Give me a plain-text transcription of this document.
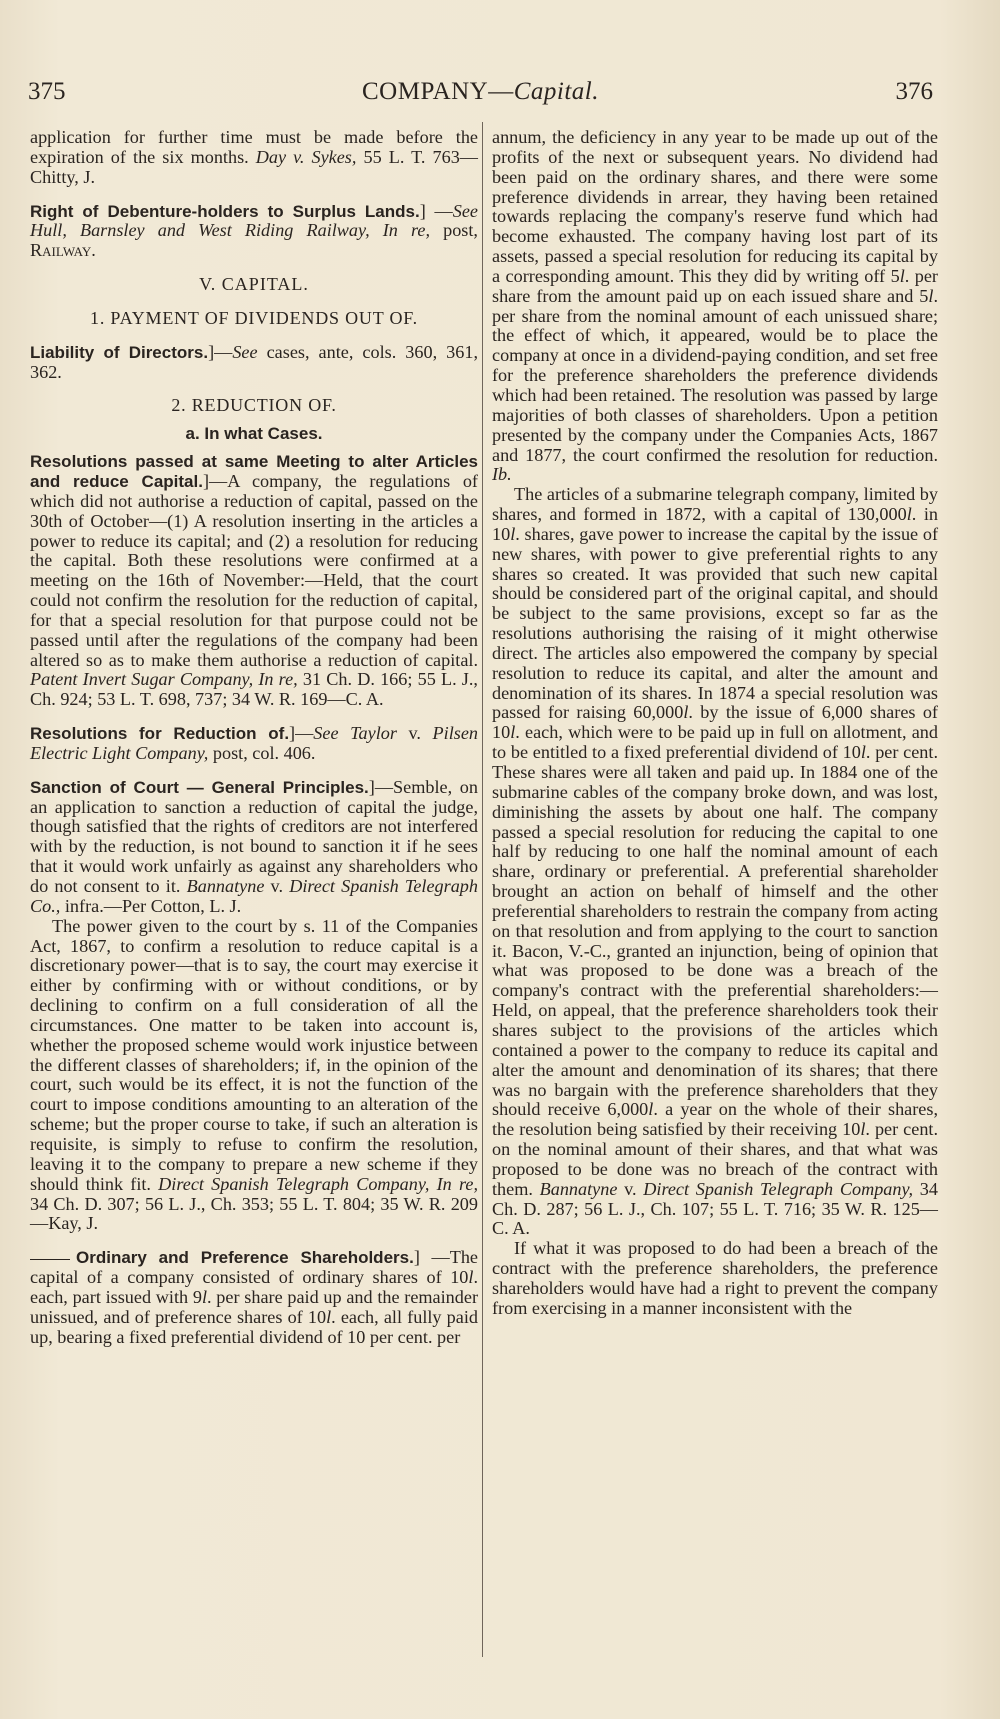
375	COMPANY—Capital.	376

application for further time must be made before the expiration of the six months. Day v. Sykes, 55 L. T. 763—Chitty, J.

Right of Debenture-holders to Surplus Lands.] —See Hull, Barnsley and West Riding Railway, In re, post, Railway.

V. CAPITAL.

1. PAYMENT OF DIVIDENDS OUT OF.

Liability of Directors.]—See cases, ante, cols. 360, 361, 362.

2. REDUCTION OF.

a. In what Cases.

Resolutions passed at same Meeting to alter Articles and reduce Capital.]—A company, the regulations of which did not authorise a reduction of capital, passed on the 30th of October—(1) A resolution inserting in the articles a power to reduce its capital; and (2) a resolution for reducing the capital. Both these resolutions were confirmed at a meeting on the 16th of November:—Held, that the court could not confirm the resolution for the reduction of capital, for that a special resolution for that purpose could not be passed until after the regulations of the company had been altered so as to make them authorise a reduction of capital. Patent Invert Sugar Company, In re, 31 Ch. D. 166; 55 L. J., Ch. 924; 53 L. T. 698, 737; 34 W. R. 169—C. A.

Resolutions for Reduction of.]—See Taylor v. Pilsen Electric Light Company, post, col. 406.

Sanction of Court — General Principles.]—Semble, on an application to sanction a reduction of capital the judge, though satisfied that the rights of creditors are not interfered with by the reduction, is not bound to sanction it if he sees that it would work unfairly as against any shareholders who do not consent to it. Bannatyne v. Direct Spanish Telegraph Co., infra.—Per Cotton, L. J.

The power given to the court by s. 11 of the Companies Act, 1867, to confirm a resolution to reduce capital is a discretionary power—that is to say, the court may exercise it either by confirming with or without conditions, or by declining to confirm on a full consideration of all the circumstances. One matter to be taken into account is, whether the proposed scheme would work injustice between the different classes of shareholders; if, in the opinion of the court, such would be its effect, it is not the function of the court to impose conditions amounting to an alteration of the scheme; but the proper course to take, if such an alteration is requisite, is simply to refuse to confirm the resolution, leaving it to the company to prepare a new scheme if they should think fit. Direct Spanish Telegraph Company, In re, 34 Ch. D. 307; 56 L. J., Ch. 353; 55 L. T. 804; 35 W. R. 209—Kay, J.

Ordinary and Preference Shareholders.] —The capital of a company consisted of ordinary shares of 10l. each, part issued with 9l. per share paid up and the remainder unissued, and of preference shares of 10l. each, all fully paid up, bearing a fixed preferential dividend of 10 per cent. per

annum, the deficiency in any year to be made up out of the profits of the next or subsequent years. No dividend had been paid on the ordinary shares, and there were some preference dividends in arrear, they having been retained towards replacing the company's reserve fund which had become exhausted. The company having lost part of its assets, passed a special resolution for reducing its capital by a corresponding amount. This they did by writing off 5l. per share from the amount paid up on each issued share and 5l. per share from the nominal amount of each unissued share; the effect of which, it appeared, would be to place the company at once in a dividend-paying condition, and set free for the preference shareholders the preference dividends which had been retained. The resolution was passed by large majorities of both classes of shareholders. Upon a petition presented by the company under the Companies Acts, 1867 and 1877, the court confirmed the resolution for reduction. Ib.

The articles of a submarine telegraph company, limited by shares, and formed in 1872, with a capital of 130,000l. in 10l. shares, gave power to increase the capital by the issue of new shares, with power to give preferential rights to any shares so created. It was provided that such new capital should be considered part of the original capital, and should be subject to the same provisions, except so far as the resolutions authorising the raising of it might otherwise direct. The articles also empowered the company by special resolution to reduce its capital, and alter the amount and denomination of its shares. In 1874 a special resolution was passed for raising 60,000l. by the issue of 6,000 shares of 10l. each, which were to be paid up in full on allotment, and to be entitled to a fixed preferential dividend of 10l. per cent. These shares were all taken and paid up. In 1884 one of the submarine cables of the company broke down, and was lost, diminishing the assets by about one half. The company passed a special resolution for reducing the capital to one half by reducing to one half the nominal amount of each share, ordinary or preferential. A preferential shareholder brought an action on behalf of himself and the other preferential shareholders to restrain the company from acting on that resolution and from applying to the court to sanction it. Bacon, V.-C., granted an injunction, being of opinion that what was proposed to be done was a breach of the company's contract with the preferential shareholders:—Held, on appeal, that the preference shareholders took their shares subject to the provisions of the articles which contained a power to the company to reduce its capital and alter the amount and denomination of its shares; that there was no bargain with the preference shareholders that they should receive 6,000l. a year on the whole of their shares, the resolution being satisfied by their receiving 10l. per cent. on the nominal amount of their shares, and that what was proposed to be done was no breach of the contract with them. Bannatyne v. Direct Spanish Telegraph Company, 34 Ch. D. 287; 56 L. J., Ch. 107; 55 L. T. 716; 35 W. R. 125—C. A.

If what it was proposed to do had been a breach of the contract with the preference shareholders, the preference shareholders would have had a right to prevent the company from exercising in a manner inconsistent with the
